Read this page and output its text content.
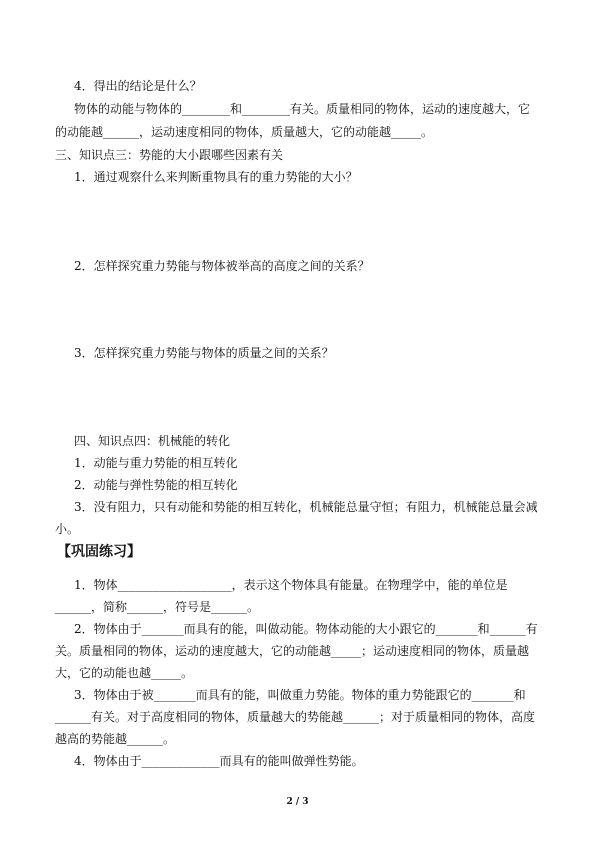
4．得出的结论是什么？
物体的动能与物体的________和________有关。质量相同的物体，运动的速度越大，它
的动能越______，运动速度相同的物体，质量越大，它的动能越_____。
三、知识点三：势能的大小跟哪些因素有关
1．通过观察什么来判断重物具有的重力势能的大小？
2．怎样探究重力势能与物体被举高的高度之间的关系？
3．怎样探究重力势能与物体的质量之间的关系？
四、知识点四：机械能的转化
1．动能与重力势能的相互转化
2．动能与弹性势能的相互转化
3．没有阻力，只有动能和势能的相互转化，机械能总量守恒；有阻力，机械能总量会减
小。
【巩固练习】
1．物体___________________，表示这个物体具有能量。在物理学中，能的单位是
______，简称______，符号是______。
2．物体由于_______而具有的能，叫做动能。物体动能的大小跟它的_______和______有
关。质量相同的物体，运动的速度越大，它的动能越_____；运动速度相同的物体，质量越
大，它的动能也越_____。
3．物体由于被_______而具有的能，叫做重力势能。物体的重力势能跟它的_______和
______有关。对于高度相同的物体，质量越大的势能越______；对于质量相同的物体，高度
越高的势能越______。
4．物体由于_____________而具有的能叫做弹性势能。
2 / 3
